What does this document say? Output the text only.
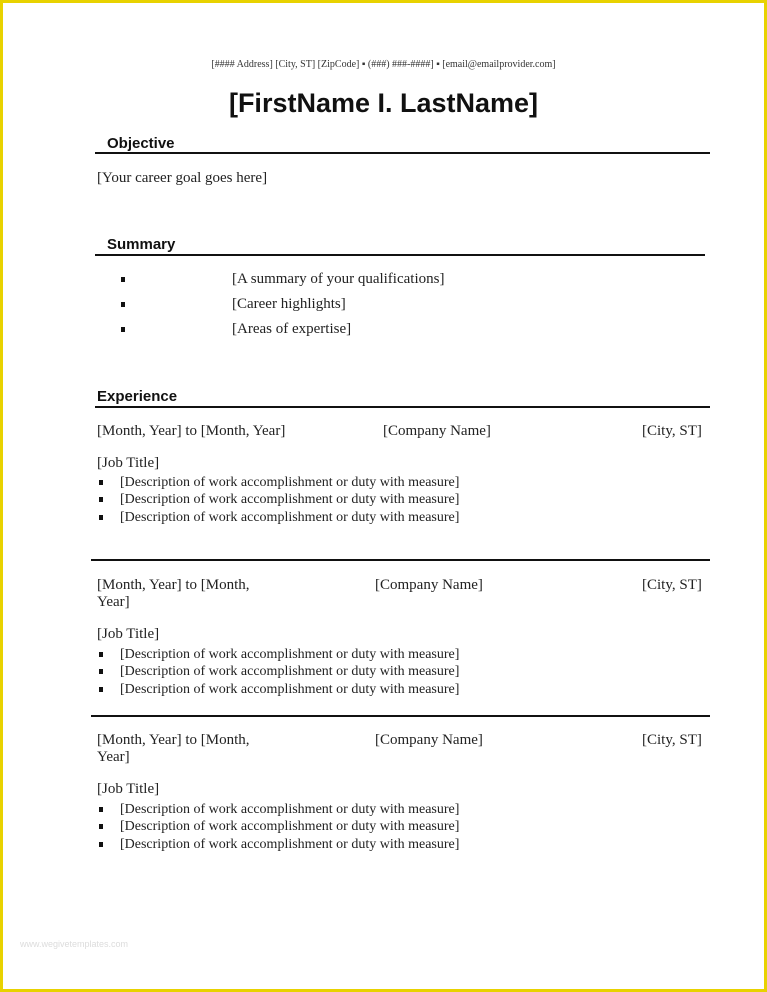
[#### Address] [City, ST] [ZipCode] ▪ (###) ###-####] ▪ [email@emailprovider.com]
[FirstName I. LastName]
Objective
[Your career goal goes here]
Summary
[A summary of your qualifications]
[Career highlights]
[Areas of expertise]
Experience
[Month, Year] to [Month, Year]	[Company Name]	[City, ST]
[Job Title]
[Description of work accomplishment or duty with measure]
[Description of work accomplishment or duty with measure]
[Description of work accomplishment or duty with measure]
[Month, Year] to [Month,
Year]
[Company Name]	[City, ST]
[Job Title]
[Description of work accomplishment or duty with measure]
[Description of work accomplishment or duty with measure]
[Description of work accomplishment or duty with measure]
[Month, Year] to [Month,
Year]
[Company Name]	[City, ST]
[Job Title]
[Description of work accomplishment or duty with measure]
[Description of work accomplishment or duty with measure]
[Description of work accomplishment or duty with measure]
www.wegivetemplates.com
